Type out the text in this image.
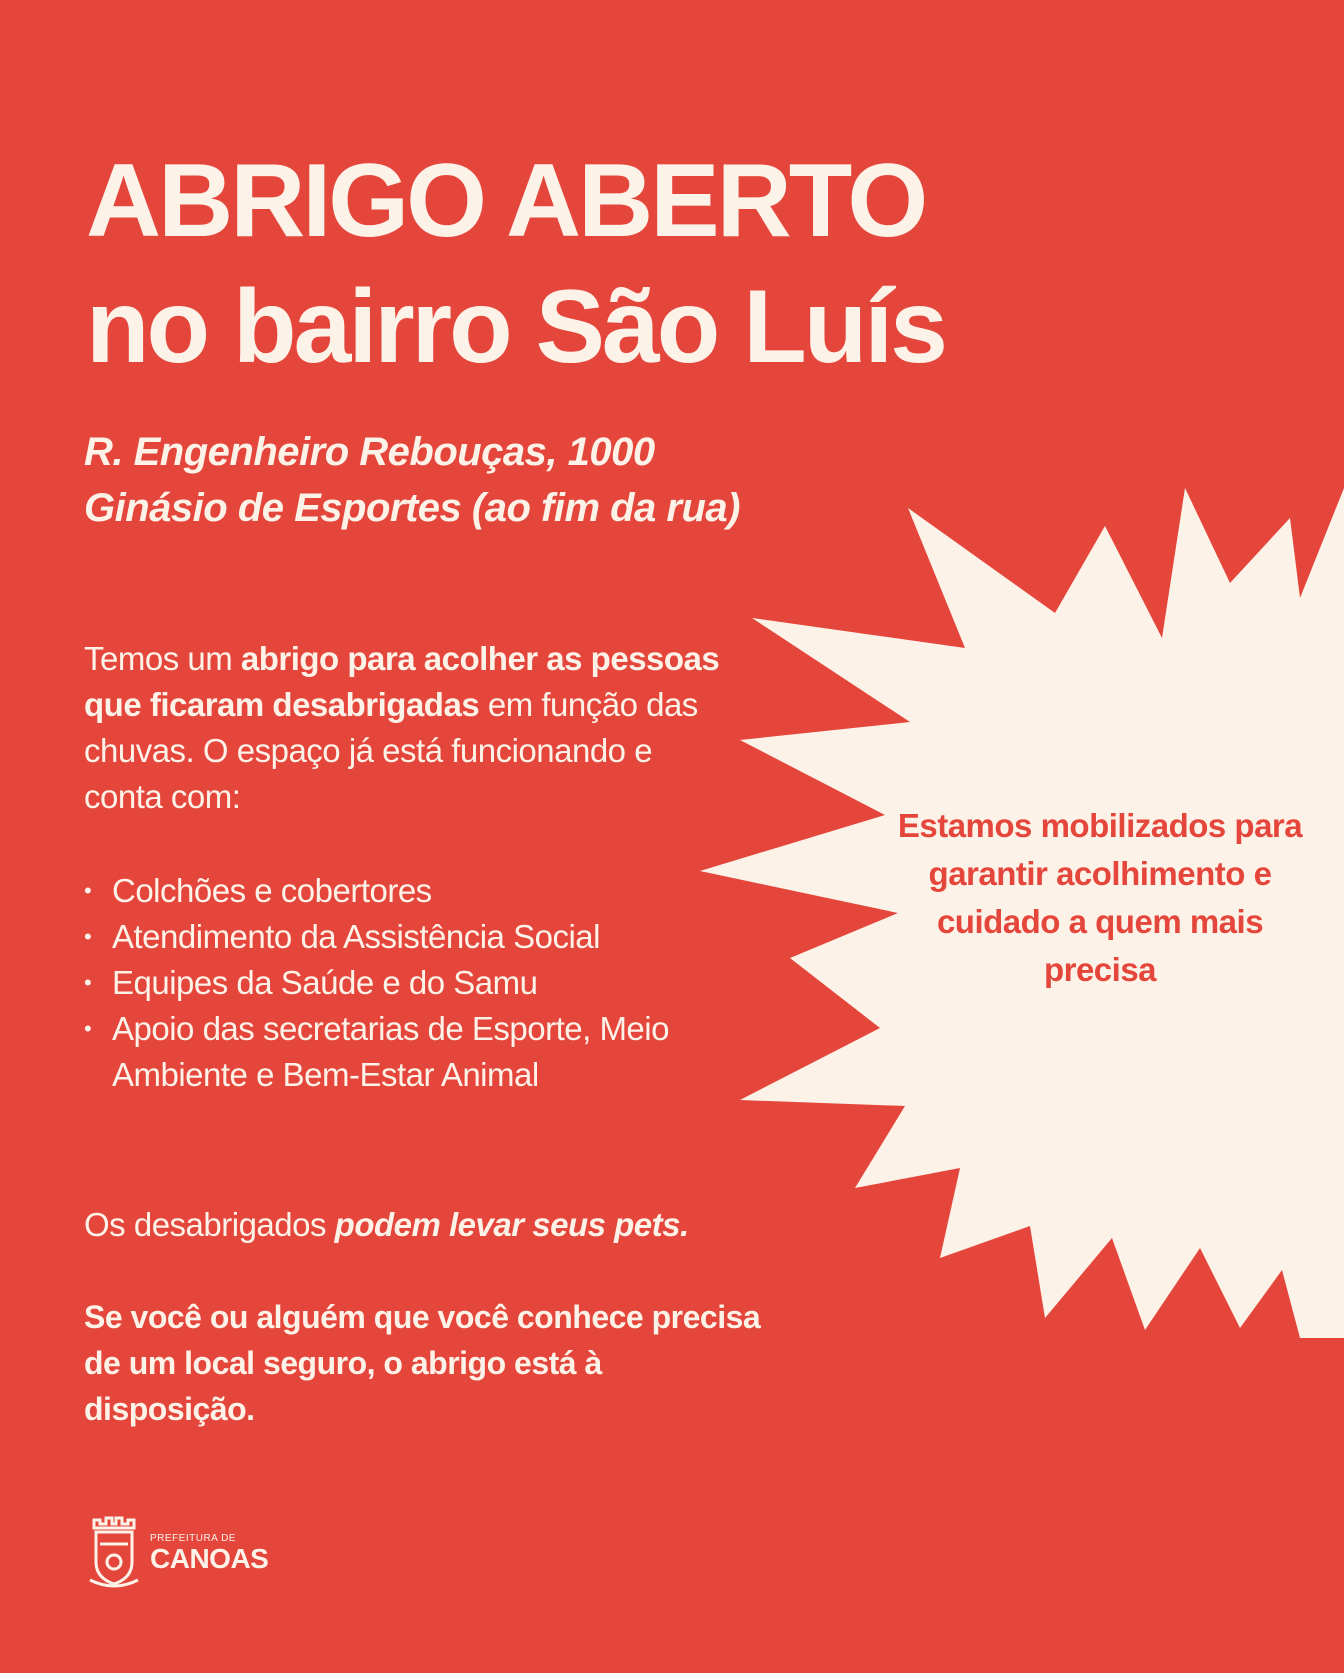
ABRIGO ABERTO
no bairro São Luís
R. Engenheiro Rebouças, 1000
Ginásio de Esportes (ao fim da rua)

Temos um abrigo para acolher as pessoas que ficaram desabrigadas em função das chuvas. O espaço já está funcionando e conta com:

• Colchões e cobertores
• Atendimento da Assistência Social
• Equipes da Saúde e do Samu
• Apoio das secretarias de Esporte, Meio Ambiente e Bem-Estar Animal
Os desabrigados podem levar seus pets.
Se você ou alguém que você conhece precisa de um local seguro, o abrigo está à disposição.
Estamos mobilizados para garantir acolhimento e cuidado a quem mais precisa
PREFEITURA DE
CANOAS
